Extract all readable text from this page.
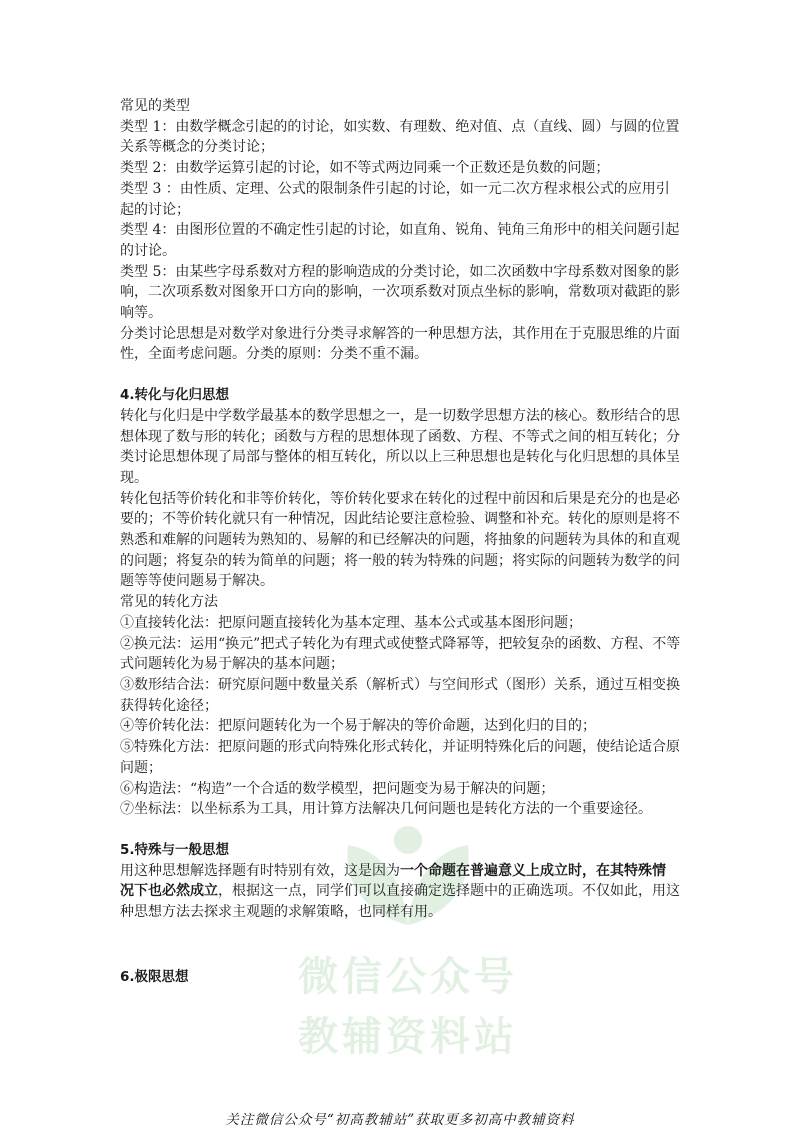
微信公众号
教辅资料站

常见的类型

类型 1：由数学概念引起的的讨论，如实数、有理数、绝对值、点（直线、圆）与圆的位置

关系等概念的分类讨论；

类型 2：由数学运算引起的讨论，如不等式两边同乘一个正数还是负数的问题；

类型 3 ：由性质、定理、公式的限制条件引起的讨论，如一元二次方程求根公式的应用引

起的讨论；

类型 4：由图形位置的不确定性引起的讨论，如直角、锐角、钝角三角形中的相关问题引起

的讨论。

类型 5：由某些字母系数对方程的影响造成的分类讨论，如二次函数中字母系数对图象的影

响，二次项系数对图象开口方向的影响，一次项系数对顶点坐标的影响，常数项对截距的影

响等。

分类讨论思想是对数学对象进行分类寻求解答的一种思想方法，其作用在于克服思维的片面

性，全面考虑问题。分类的原则：分类不重不漏。

4.转化与化归思想

转化与化归是中学数学最基本的数学思想之一，是一切数学思想方法的核心。数形结合的思

想体现了数与形的转化；函数与方程的思想体现了函数、方程、不等式之间的相互转化；分

类讨论思想体现了局部与整体的相互转化，所以以上三种思想也是转化与化归思想的具体呈

现。

转化包括等价转化和非等价转化，等价转化要求在转化的过程中前因和后果是充分的也是必

要的；不等价转化就只有一种情况，因此结论要注意检验、调整和补充。转化的原则是将不

熟悉和难解的问题转为熟知的、易解的和已经解决的问题，将抽象的问题转为具体的和直观

的问题；将复杂的转为简单的问题；将一般的转为特殊的问题；将实际的问题转为数学的问

题等等使问题易于解决。

常见的转化方法

①直接转化法：把原问题直接转化为基本定理、基本公式或基本图形问题；

②换元法：运用“换元”把式子转化为有理式或使整式降幂等，把较复杂的函数、方程、不等

式问题转化为易于解决的基本问题；

③数形结合法：研究原问题中数量关系（解析式）与空间形式（图形）关系，通过互相变换

获得转化途径；

④等价转化法：把原问题转化为一个易于解决的等价命题，达到化归的目的；

⑤特殊化方法：把原问题的形式向特殊化形式转化，并证明特殊化后的问题，使结论适合原

问题；

⑥构造法：“构造”一个合适的数学模型，把问题变为易于解决的问题；

⑦坐标法：以坐标系为工具，用计算方法解决几何问题也是转化方法的一个重要途径。

5.特殊与一般思想

用这种思想解选择题有时特别有效，这是因为一个命题在普遍意义上成立时，在其特殊情

况下也必然成立，根据这一点，同学们可以直接确定选择题中的正确选项。不仅如此，用这

种思想方法去探求主观题的求解策略，也同样有用。

6.极限思想

关注微信公众号“初高教辅站”获取更多初高中教辅资料
